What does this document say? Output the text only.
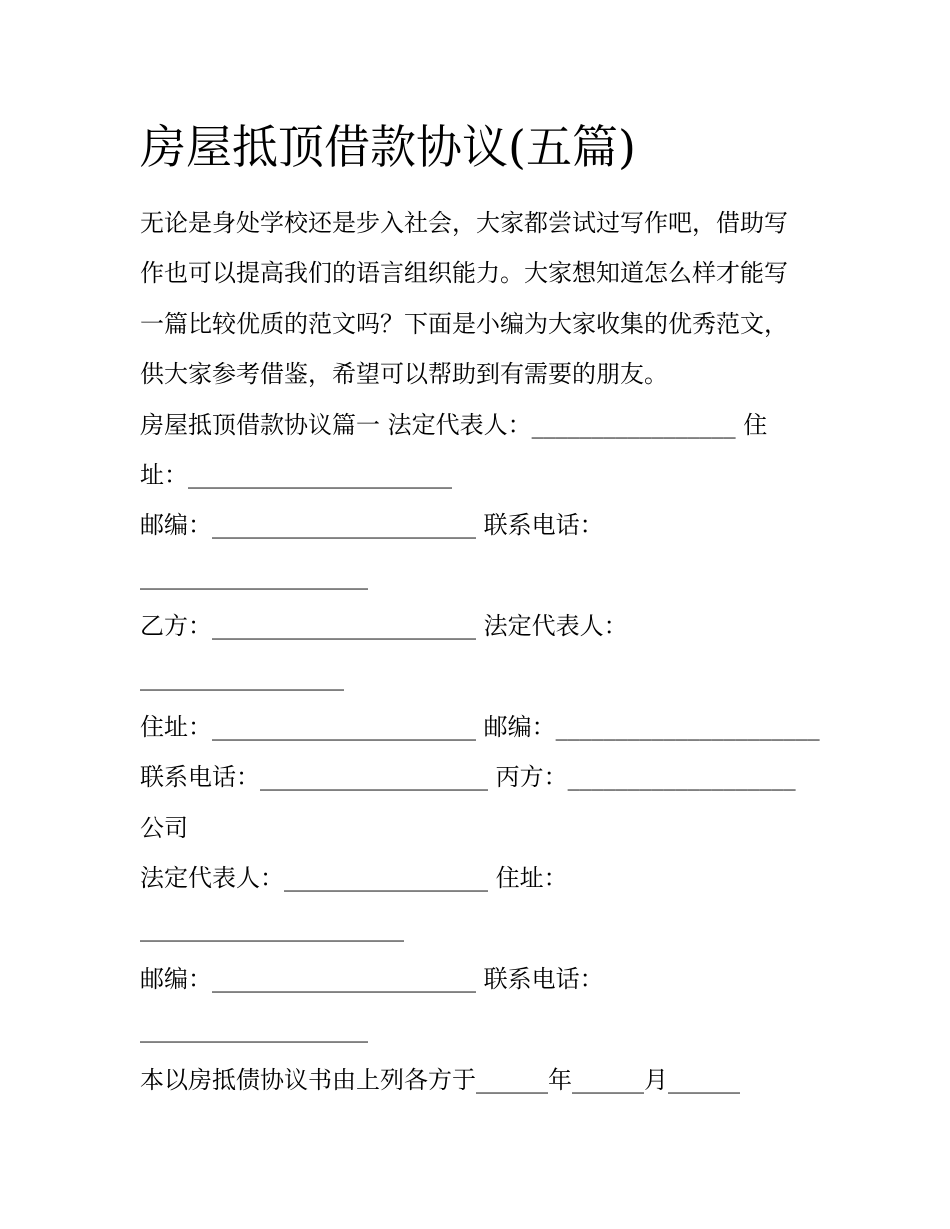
房屋抵顶借款协议(五篇)
无论是身处学校还是步入社会，大家都尝试过写作吧，借助写
作也可以提高我们的语言组织能力。大家想知道怎么样才能写
一篇比较优质的范文吗？下面是小编为大家收集的优秀范文，
供大家参考借鉴，希望可以帮助到有需要的朋友。
房屋抵顶借款协议篇一 法定代表人：_________________ 住
址：______________________
邮编：______________________ 联系电话：
___________________
乙方：______________________ 法定代表人：
_________________
住址：______________________ 邮编：______________________
联系电话：___________________ 丙方：___________________
公司
法定代表人：_________________ 住址：
______________________
邮编：______________________ 联系电话：
___________________
本以房抵债协议书由上列各方于______年______月______
